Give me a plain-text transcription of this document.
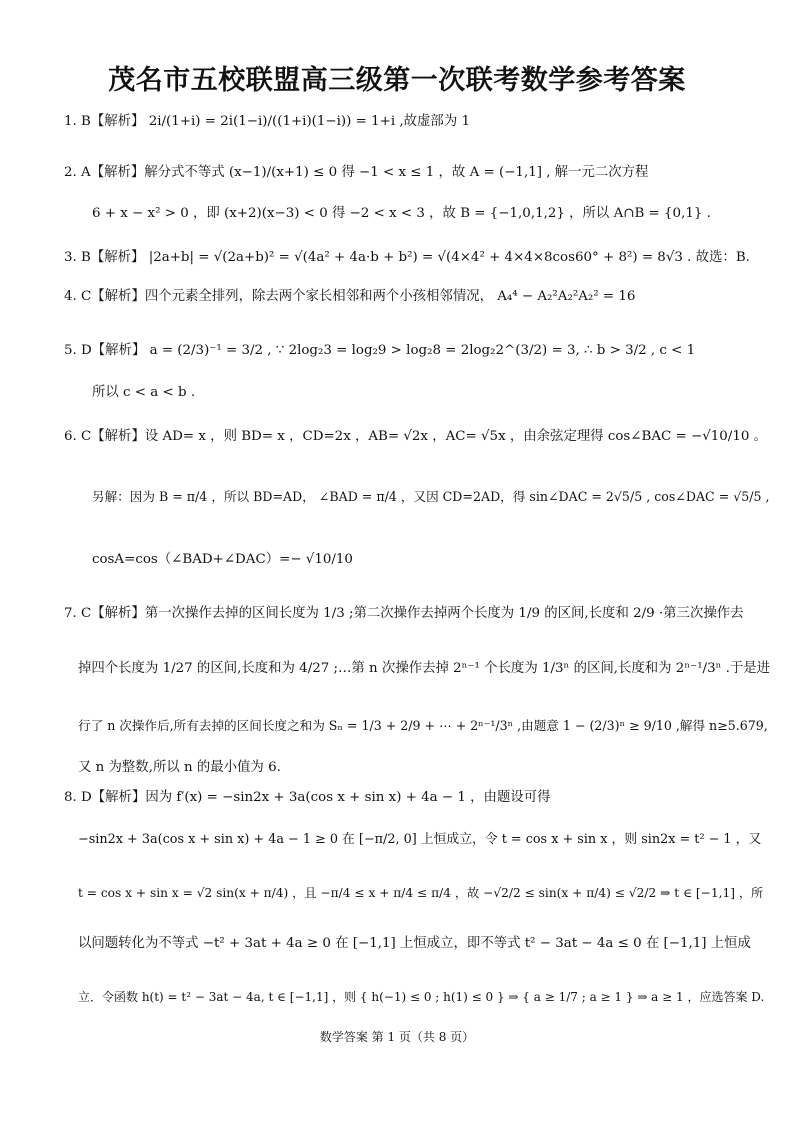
茂名市五校联盟高三级第一次联考数学参考答案
1. B【解析】 2i/(1+i) = 2i(1−i)/((1+i)(1−i)) = 1+i ,故虚部为 1
2. A【解析】解分式不等式 (x−1)/(x+1) ≤ 0 得 −1 < x ≤ 1 ，故 A = (−1,1] , 解一元二次方程
6 + x − x² > 0 ，即 (x+2)(x−3) < 0 得 −2 < x < 3 ，故 B = {−1,0,1,2} ，所以 A∩B = {0,1} .
3. B【解析】 |2a+b| = √(2a+b)² = √(4a² + 4a·b + b²) = √(4×4² + 4×4×8cos60° + 8²) = 8√3 . 故选：B.
4. C【解析】四个元素全排列，除去两个家长相邻和两个小孩相邻情况， A₄⁴ − A₂²A₂²A₂² = 16
5. D【解析】 a = (2/3)⁻¹ = 3/2 , ∵ 2log₂3 = log₂9 > log₂8 = 2log₂2^(3/2) = 3, ∴ b > 3/2 , c < 1
所以 c < a < b .
6. C【解析】设 AD= x ，则 BD= x ，CD=2x ，AB= √2x ，AC= √5x ，由余弦定理得 cos∠BAC = −√10/10 。
另解：因为 B = π/4 ，所以 BD=AD， ∠BAD = π/4 ，又因 CD=2AD，得 sin∠DAC = 2√5/5 , cos∠DAC = √5/5 ,
cosA=cos（∠BAD+∠DAC）=− √10/10
7. C【解析】第一次操作去掉的区间长度为 1/3 ;第二次操作去掉两个长度为 1/9 的区间,长度和 2/9 ·第三次操作去
掉四个长度为 1/27 的区间,长度和为 4/27 ;…第 n 次操作去掉 2ⁿ⁻¹ 个长度为 1/3ⁿ 的区间,长度和为 2ⁿ⁻¹/3ⁿ .于是进
行了 n 次操作后,所有去掉的区间长度之和为 Sₙ = 1/3 + 2/9 + ⋯ + 2ⁿ⁻¹/3ⁿ ,由题意 1 − (2/3)ⁿ ≥ 9/10 ,解得 n≥5.679,
又 n 为整数,所以 n 的最小值为 6.
8. D【解析】因为 f′(x) = −sin2x + 3a(cos x + sin x) + 4a − 1 ，由题设可得
−sin2x + 3a(cos x + sin x) + 4a − 1 ≥ 0 在 [−π/2, 0] 上恒成立，令 t = cos x + sin x ，则 sin2x = t² − 1 ，又
t = cos x + sin x = √2 sin(x + π/4) ，且 −π/4 ≤ x + π/4 ≤ π/4 ，故 −√2/2 ≤ sin(x + π/4) ≤ √2/2 ⇒ t ∈ [−1,1] ，所
以问题转化为不等式 −t² + 3at + 4a ≥ 0 在 [−1,1] 上恒成立，即不等式 t² − 3at − 4a ≤ 0 在 [−1,1] 上恒成
立．令函数 h(t) = t² − 3at − 4a, t ∈ [−1,1] ，则 { h(−1) ≤ 0 ; h(1) ≤ 0 } ⇒ { a ≥ 1/7 ; a ≥ 1 } ⇒ a ≥ 1 ，应选答案 D.
数学答案 第 1 页（共 8 页）
